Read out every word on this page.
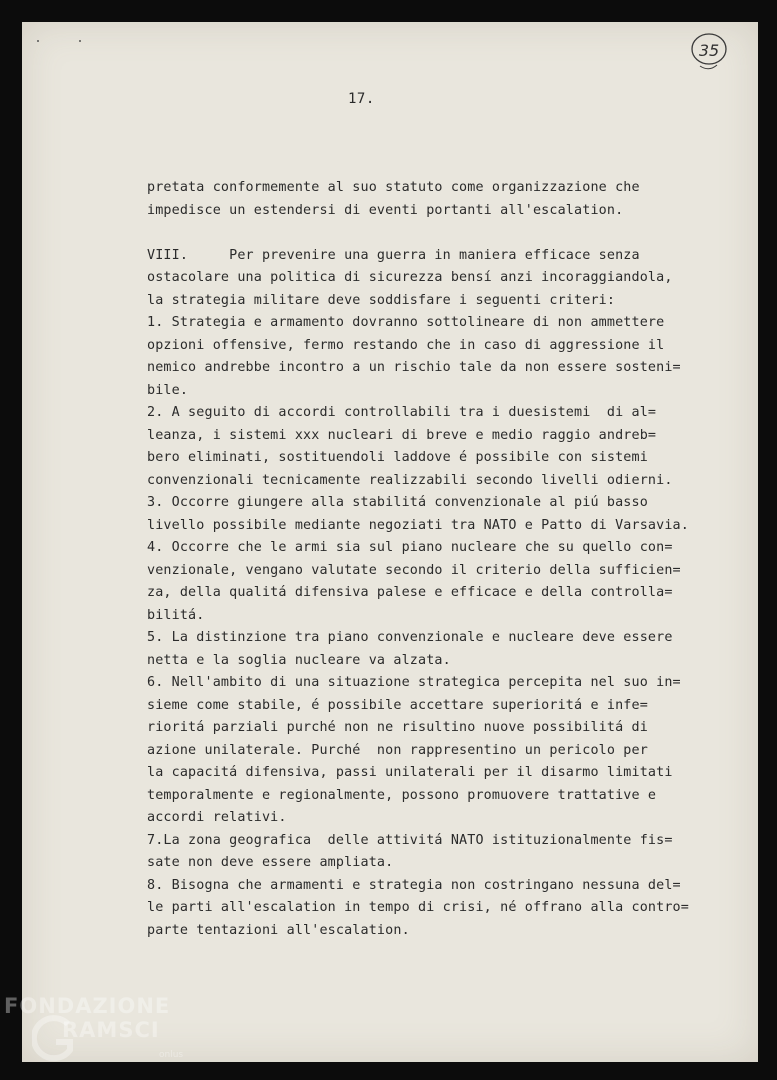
35
17.
pretata conformemente al suo statuto come organizzazione che
impedisce un estendersi di eventi portanti all'escalation.
VIII.     Per prevenire una guerra in maniera efficace senza
ostacolare una politica di sicurezza bensí anzi incoraggiandola,
la strategia militare deve soddisfare i seguenti criteri:
1. Strategia e armamento dovranno sottolineare di non ammettere
opzioni offensive, fermo restando che in caso di aggressione il
nemico andrebbe incontro a un rischio tale da non essere sosteni=
bile.
2. A seguito di accordi controllabili tra i duesistemi  di al=
leanza, i sistemi xxx nucleari di breve e medio raggio andreb=
bero eliminati, sostituendoli laddove é possibile con sistemi
convenzionali tecnicamente realizzabili secondo livelli odierni.
3. Occorre giungere alla stabilitá convenzionale al piú basso
livello possibile mediante negoziati tra NATO e Patto di Varsavia.
4. Occorre che le armi sia sul piano nucleare che su quello con=
venzionale, vengano valutate secondo il criterio della sufficien=
za, della qualitá difensiva palese e efficace e della controlla=
bilitá.
5. La distinzione tra piano convenzionale e nucleare deve essere
netta e la soglia nucleare va alzata.
6. Nell'ambito di una situazione strategica percepita nel suo in=
sieme come stabile, é possibile accettare superioritá e infe=
rioritá parziali purché non ne risultino nuove possibilitá di
azione unilaterale. Purché  non rappresentino un pericolo per
la capacitá difensiva, passi unilaterali per il disarmo limitati
temporalmente e regionalmente, possono promuovere trattative e
accordi relativi.
7.La zona geografica  delle attivitá NATO istituzionalmente fis=
sate non deve essere ampliata.
8. Bisogna che armamenti e strategia non costringano nessuna del=
le parti all'escalation in tempo di crisi, né offrano alla contro=
parte tentazioni all'escalation.
FONDAZIONE
RAMSCI
onlus
